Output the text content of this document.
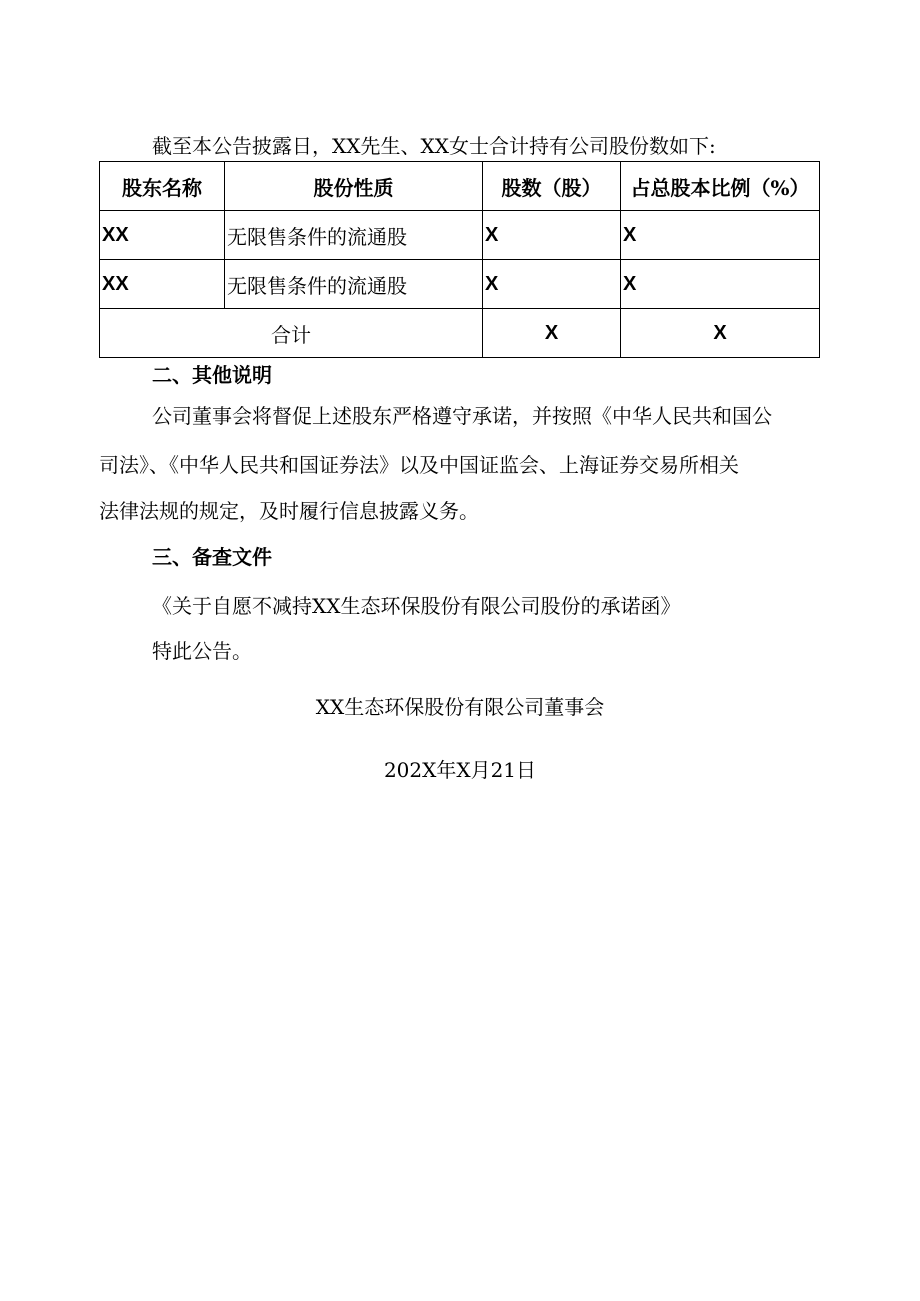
截至本公告披露日，XX先生、XX女士合计持有公司股份数如下:
股东名称	股份性质	股数（股）	占总股本比例（%）
XX	无限售条件的流通股	X	X
XX	无限售条件的流通股	X	X
合计		X	X
二、其他说明
公司董事会将督促上述股东严格遵守承诺，并按照《中华人民共和国公
司法》、《中华人民共和国证券法》以及中国证监会、上海证券交易所相关
法律法规的规定，及时履行信息披露义务。
三、备查文件
《关于自愿不减持XX生态环保股份有限公司股份的承诺函》
特此公告。
XX生态环保股份有限公司董事会
202X年X月21日
